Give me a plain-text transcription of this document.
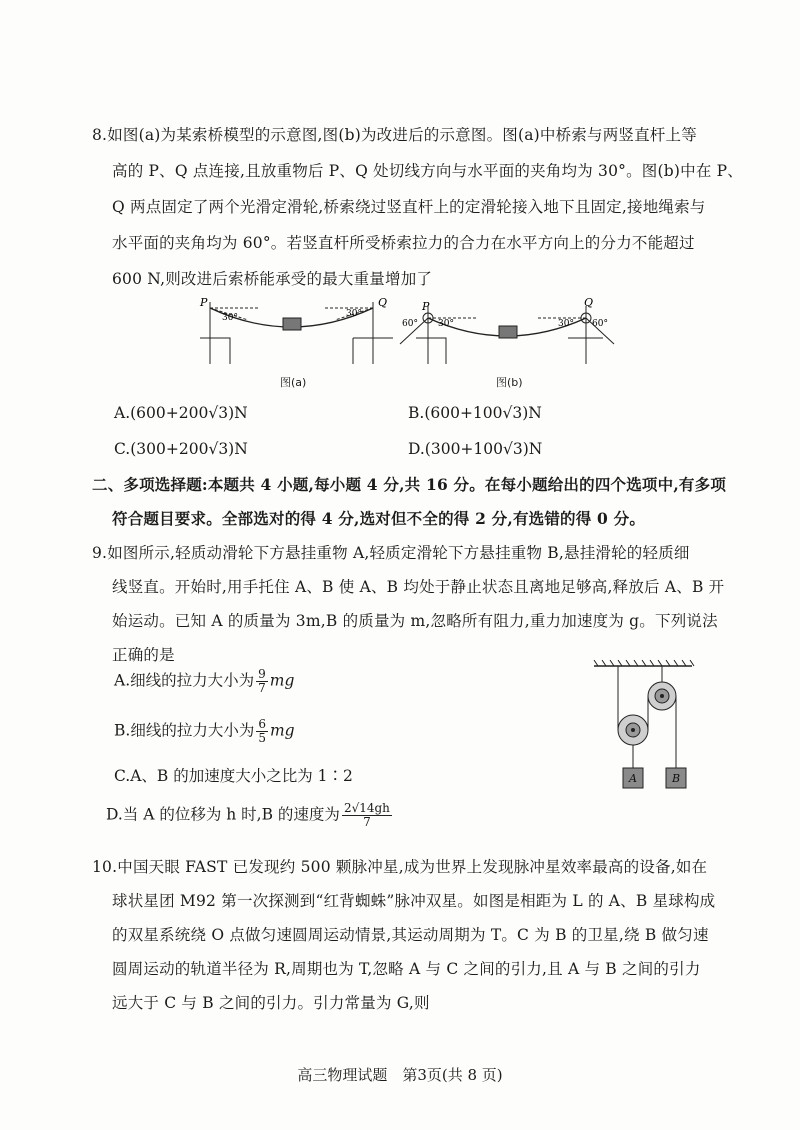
8.如图(a)为某索桥模型的示意图,图(b)为改进后的示意图。图(a)中桥索与两竖直杆上等
高的 P、Q 点连接,且放重物后 P、Q 处切线方向与水平面的夹角均为 30°。图(b)中在 P、
Q 两点固定了两个光滑定滑轮,桥索绕过竖直杆上的定滑轮接入地下且固定,接地绳索与
水平面的夹角均为 60°。若竖直杆所受桥索拉力的合力在水平方向上的分力不能超过
600 N,则改进后索桥能承受的最大重量增加了
P	Q
30°	30°
图(a)
P	Q
60° 30°	30° 60°
图(b)
A.(600+200√3)N	B.(600+100√3)N
C.(300+200√3)N	D.(300+100√3)N
二、多项选择题:本题共 4 小题,每小题 4 分,共 16 分。在每小题给出的四个选项中,有多项
符合题目要求。全部选对的得 4 分,选对但不全的得 2 分,有选错的得 0 分。
9.如图所示,轻质动滑轮下方悬挂重物 A,轻质定滑轮下方悬挂重物 B,悬挂滑轮的轻质细
线竖直。开始时,用手托住 A、B 使 A、B 均处于静止状态且离地足够高,释放后 A、B 开
始运动。已知 A 的质量为 3m,B 的质量为 m,忽略所有阻力,重力加速度为 g。下列说法
正确的是
A.细线的拉力大小为 $\frac{9}{7}$ mg
B.细线的拉力大小为 $\frac{6}{5}$ mg
C.A、B 的加速度大小之比为 1∶2
D.当 A 的位移为 h 时,B 的速度为 $\frac{2√14gh}{7}$
A	B
10.中国天眼 FAST 已发现约 500 颗脉冲星,成为世界上发现脉冲星效率最高的设备,如在
球状星团 M92 第一次探测到“红背蜘蛛”脉冲双星。如图是相距为 L 的 A、B 星球构成
的双星系统绕 O 点做匀速圆周运动情景,其运动周期为 T。C 为 B 的卫星,绕 B 做匀速
圆周运动的轨道半径为 R,周期也为 T,忽略 A 与 C 之间的引力,且 A 与 B 之间的引力
远大于 C 与 B 之间的引力。引力常量为 G,则
高三物理试题　第3页(共 8 页)
